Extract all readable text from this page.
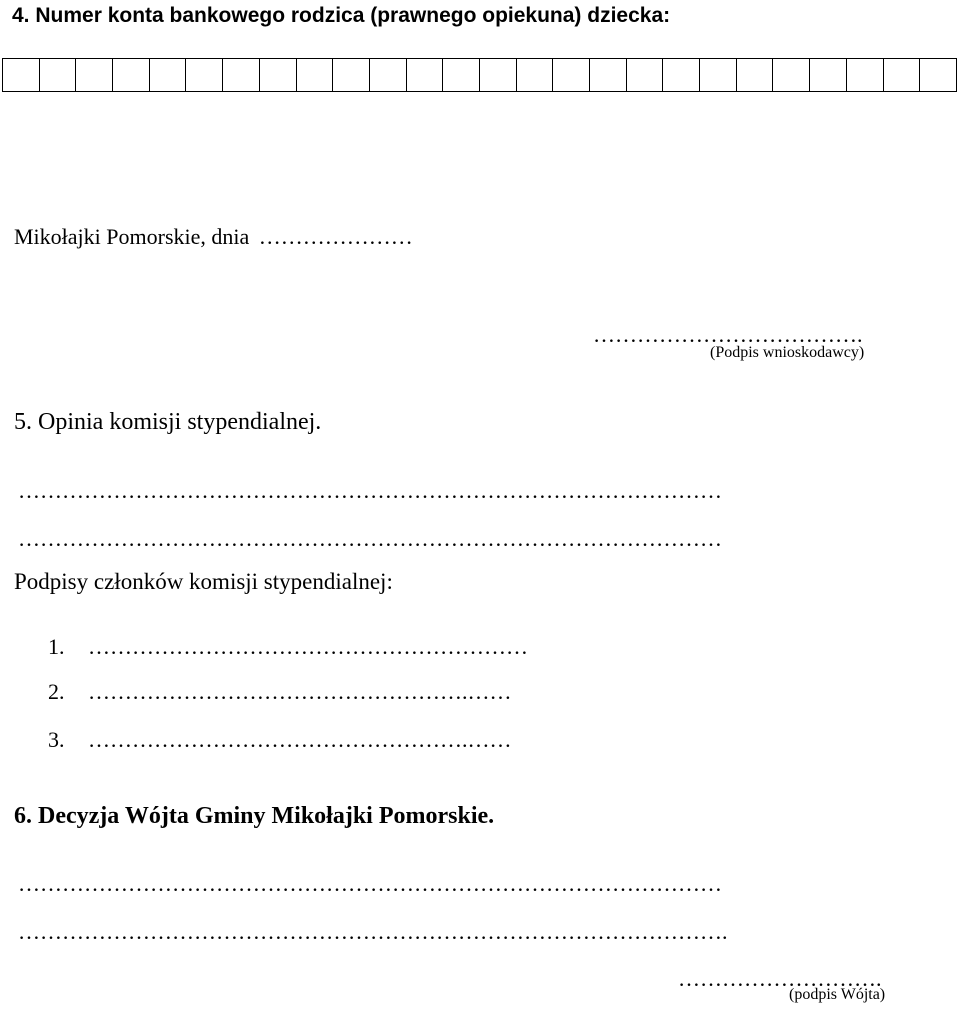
4. Numer konta bankowego rodzica (prawnego opiekuna) dziecka:
Mikołajki Pomorskie, dnia …………………
……………………………….
(Podpis wnioskodawcy)
5. Opinia komisji stypendialnej.
……………………………………………………………………………………
……………………………………………………………………………………
Podpisy członków komisji stypendialnej:
1. ……………………………………………………
2. …………………………………………….……
3. …………………………………………….……
6. Decyzja Wójta Gminy Mikołajki Pomorskie.
……………………………………………………………………………………
…………………………………………………………………………………….
……………………….
(podpis Wójta)
